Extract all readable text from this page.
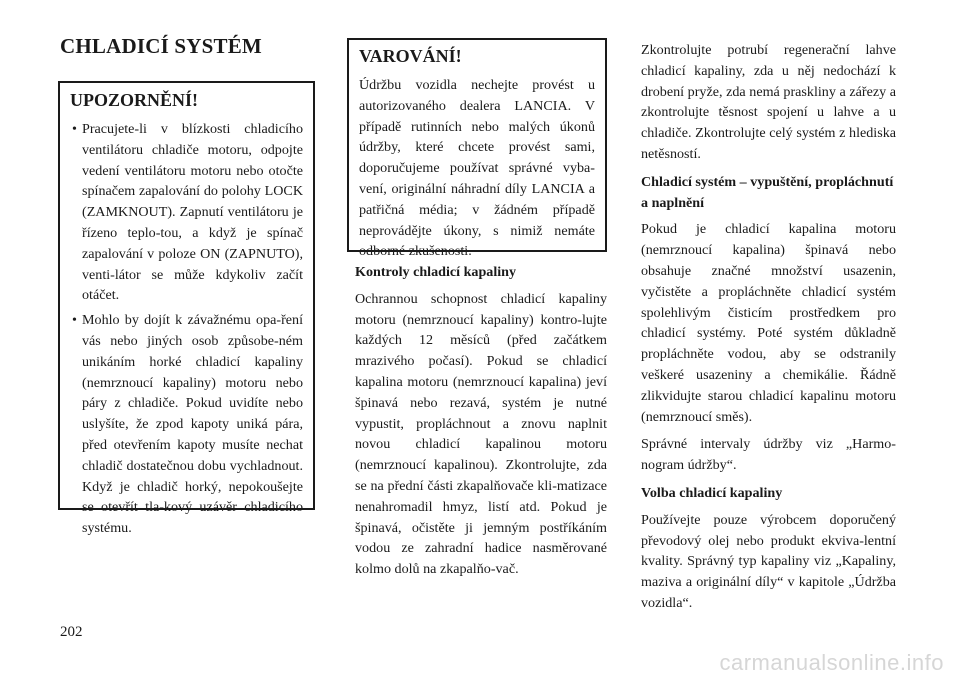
CHLADICÍ SYSTÉM
UPOZORNĚNÍ!
• Pracujete-li v blízkosti chladicího ventilátoru chladiče motoru, odpojte vedení ventilátoru motoru nebo otočte spínačem zapalování do polohy LOCK (ZAMKNOUT). Zapnutí ventilátoru je řízeno teplo-tou, a když je spínač zapalování v poloze ON (ZAPNUTO), venti-látor se může kdykoliv začít otáčet.
• Mohlo by dojít k závažnému opa-ření vás nebo jiných osob způsobe-ném unikáním horké chladicí kapaliny (nemrznoucí kapaliny) motoru nebo páry z chladiče. Pokud uvidíte nebo uslyšíte, že zpod kapoty uniká pára, před otevřením kapoty musíte nechat chladič dostatečnou dobu vychladnout. Když je chladič horký, nepokoušejte se otevřít tla-kový uzávěr chladicího systému.
VAROVÁNÍ!

Údržbu vozidla nechejte provést u autorizovaného dealera LANCIA. V případě rutinních nebo malých úkonů údržby, které chcete provést sami, doporučujeme používat správné vyba-vení, originální náhradní díly LANCIA a patřičná média; v žádném případě neprovádějte úkony, s nimiž nemáte odborné zkušenosti.

Kontroly chladicí kapaliny

Ochrannou schopnost chladicí kapaliny motoru (nemrznoucí kapaliny) kontro-lujte každých 12 měsíců (před začátkem mrazivého počasí). Pokud se chladicí kapalina motoru (nemrznoucí kapalina) jeví špinavá nebo rezavá, systém je nutné vypustit, propláchnout a znovu naplnit novou chladicí kapalinou motoru (nemrznoucí kapalinou). Zkontrolujte, zda se na přední části zkapalňovače kli-matizace nenahromadil hmyz, listí atd. Pokud je špinavá, očistěte ji jemným postříkáním vodou ze zahradní hadice nasměrované kolmo dolů na zkapalňo-vač.

Zkontrolujte potrubí regenerační lahve chladicí kapaliny, zda u něj nedochází k drobení pryže, zda nemá praskliny a zářezy a zkontrolujte těsnost spojení u lahve a u chladiče. Zkontrolujte celý systém z hlediska netěsností.

Chladicí systém – vypuštění, propláchnutí a naplnění

Pokud je chladicí kapalina motoru (nemrznoucí kapalina) špinavá nebo obsahuje značné množství usazenin, vyčistěte a propláchněte chladicí systém spolehlivým čisticím prostředkem pro chladicí systémy. Poté systém důkladně propláchněte vodou, aby se odstranily veškeré usazeniny a chemikálie. Řádně zlikvidujte starou chladicí kapalinu motoru (nemrznoucí směs).

Správné intervaly údržby viz „Harmo-nogram údržby“.

Volba chladicí kapaliny

Používejte pouze výrobcem doporučený převodový olej nebo produkt ekviva-lentní kvality. Správný typ kapaliny viz „Kapaliny, maziva a originální díly“ v kapitole „Údržba vozidla“.

202
carmanualsonline.info
